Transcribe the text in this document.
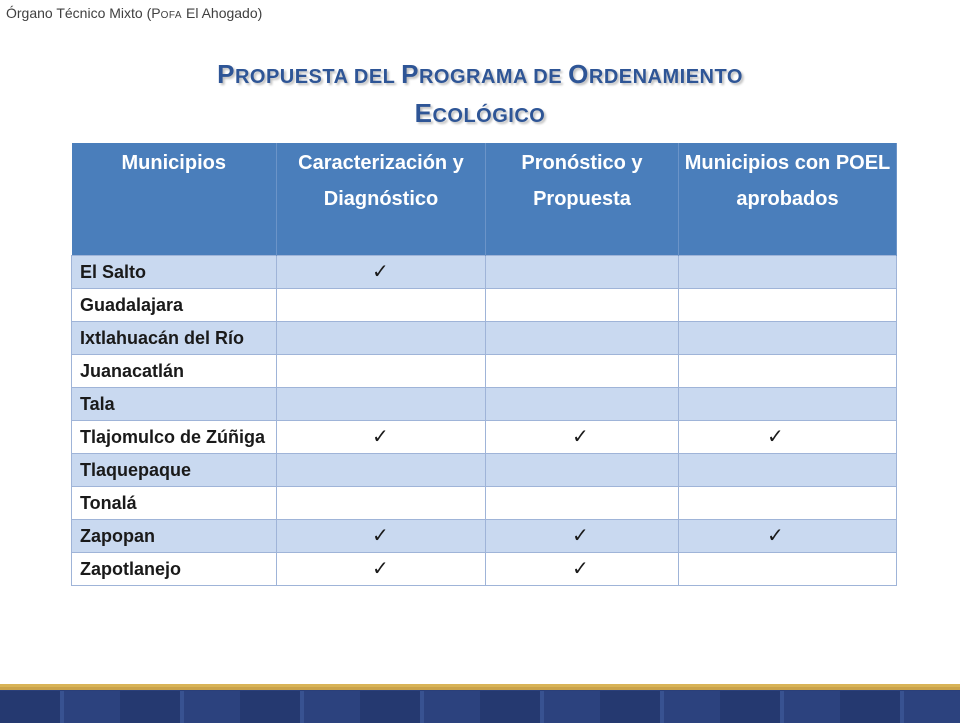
Órgano Técnico Mixto (POFA El Ahogado)
PROPUESTA DEL PROGRAMA DE ORDENAMIENTO
ECOLÓGICO
Municipios	Caracterización y Diagnóstico	Pronóstico y Propuesta	Municipios con POEL aprobados
El Salto	✓		
Guadalajara			
Ixtlahuacán del Río			
Juanacatlán			
Tala			
Tlajomulco de Zúñiga	✓	✓	✓
Tlaquepaque			
Tonalá			
Zapopan	✓	✓	✓
Zapotlanejo	✓	✓	
